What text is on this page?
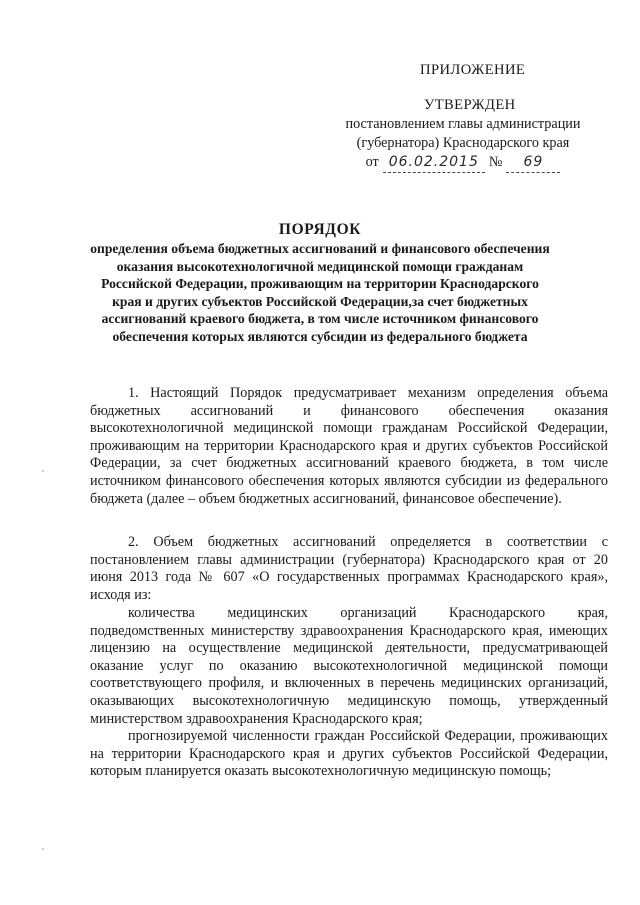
ПРИЛОЖЕНИЕ
УТВЕРЖДЕН
постановлением главы администрации
(губернатора) Краснодарского края
от 06.02.2015 №	69
ПОРЯДОК
определения объема бюджетных ассигнований и финансового обеспечения оказания высокотехнологичной медицинской помощи гражданам Российской Федерации, проживающим на территории Краснодарского края и других субъектов Российской Федерации,за счет бюджетных ассигнований краевого бюджета, в том числе источником финансового обеспечения которых являются субсидии из федерального бюджета

1. Настоящий Порядок предусматривает механизм определения объема бюджетных ассигнований и финансового обеспечения оказания высокотехнологичной медицинской помощи гражданам Российской Федерации, проживающим на территории Краснодарского края и других субъектов Российской Федерации, за счет бюджетных ассигнований краевого бюджета, в том числе источником финансового обеспечения которых являются субсидии из федерального бюджета (далее – объем бюджетных ассигнований, финансовое обеспечение).

2. Объем бюджетных ассигнований определяется в соответствии с постановлением главы администрации (губернатора) Краснодарского края от 20 июня 2013 года № 607 «О государственных программах Краснодарского края», исходя из:

количества медицинских организаций Краснодарского края, подведомственных министерству здравоохранения Краснодарского края, имеющих лицензию на осуществление медицинской деятельности, предусматривающей оказание услуг по оказанию высокотехнологичной медицинской помощи соответствующего профиля, и включенных в перечень медицинских организаций, оказывающих высокотехнологичную медицинскую помощь, утвержденный министерством здравоохранения Краснодарского края;

прогнозируемой численности граждан Российской Федерации, проживающих на территории Краснодарского края и других субъектов Российской Федерации, которым планируется оказать высокотехнологичную медицинскую помощь;
